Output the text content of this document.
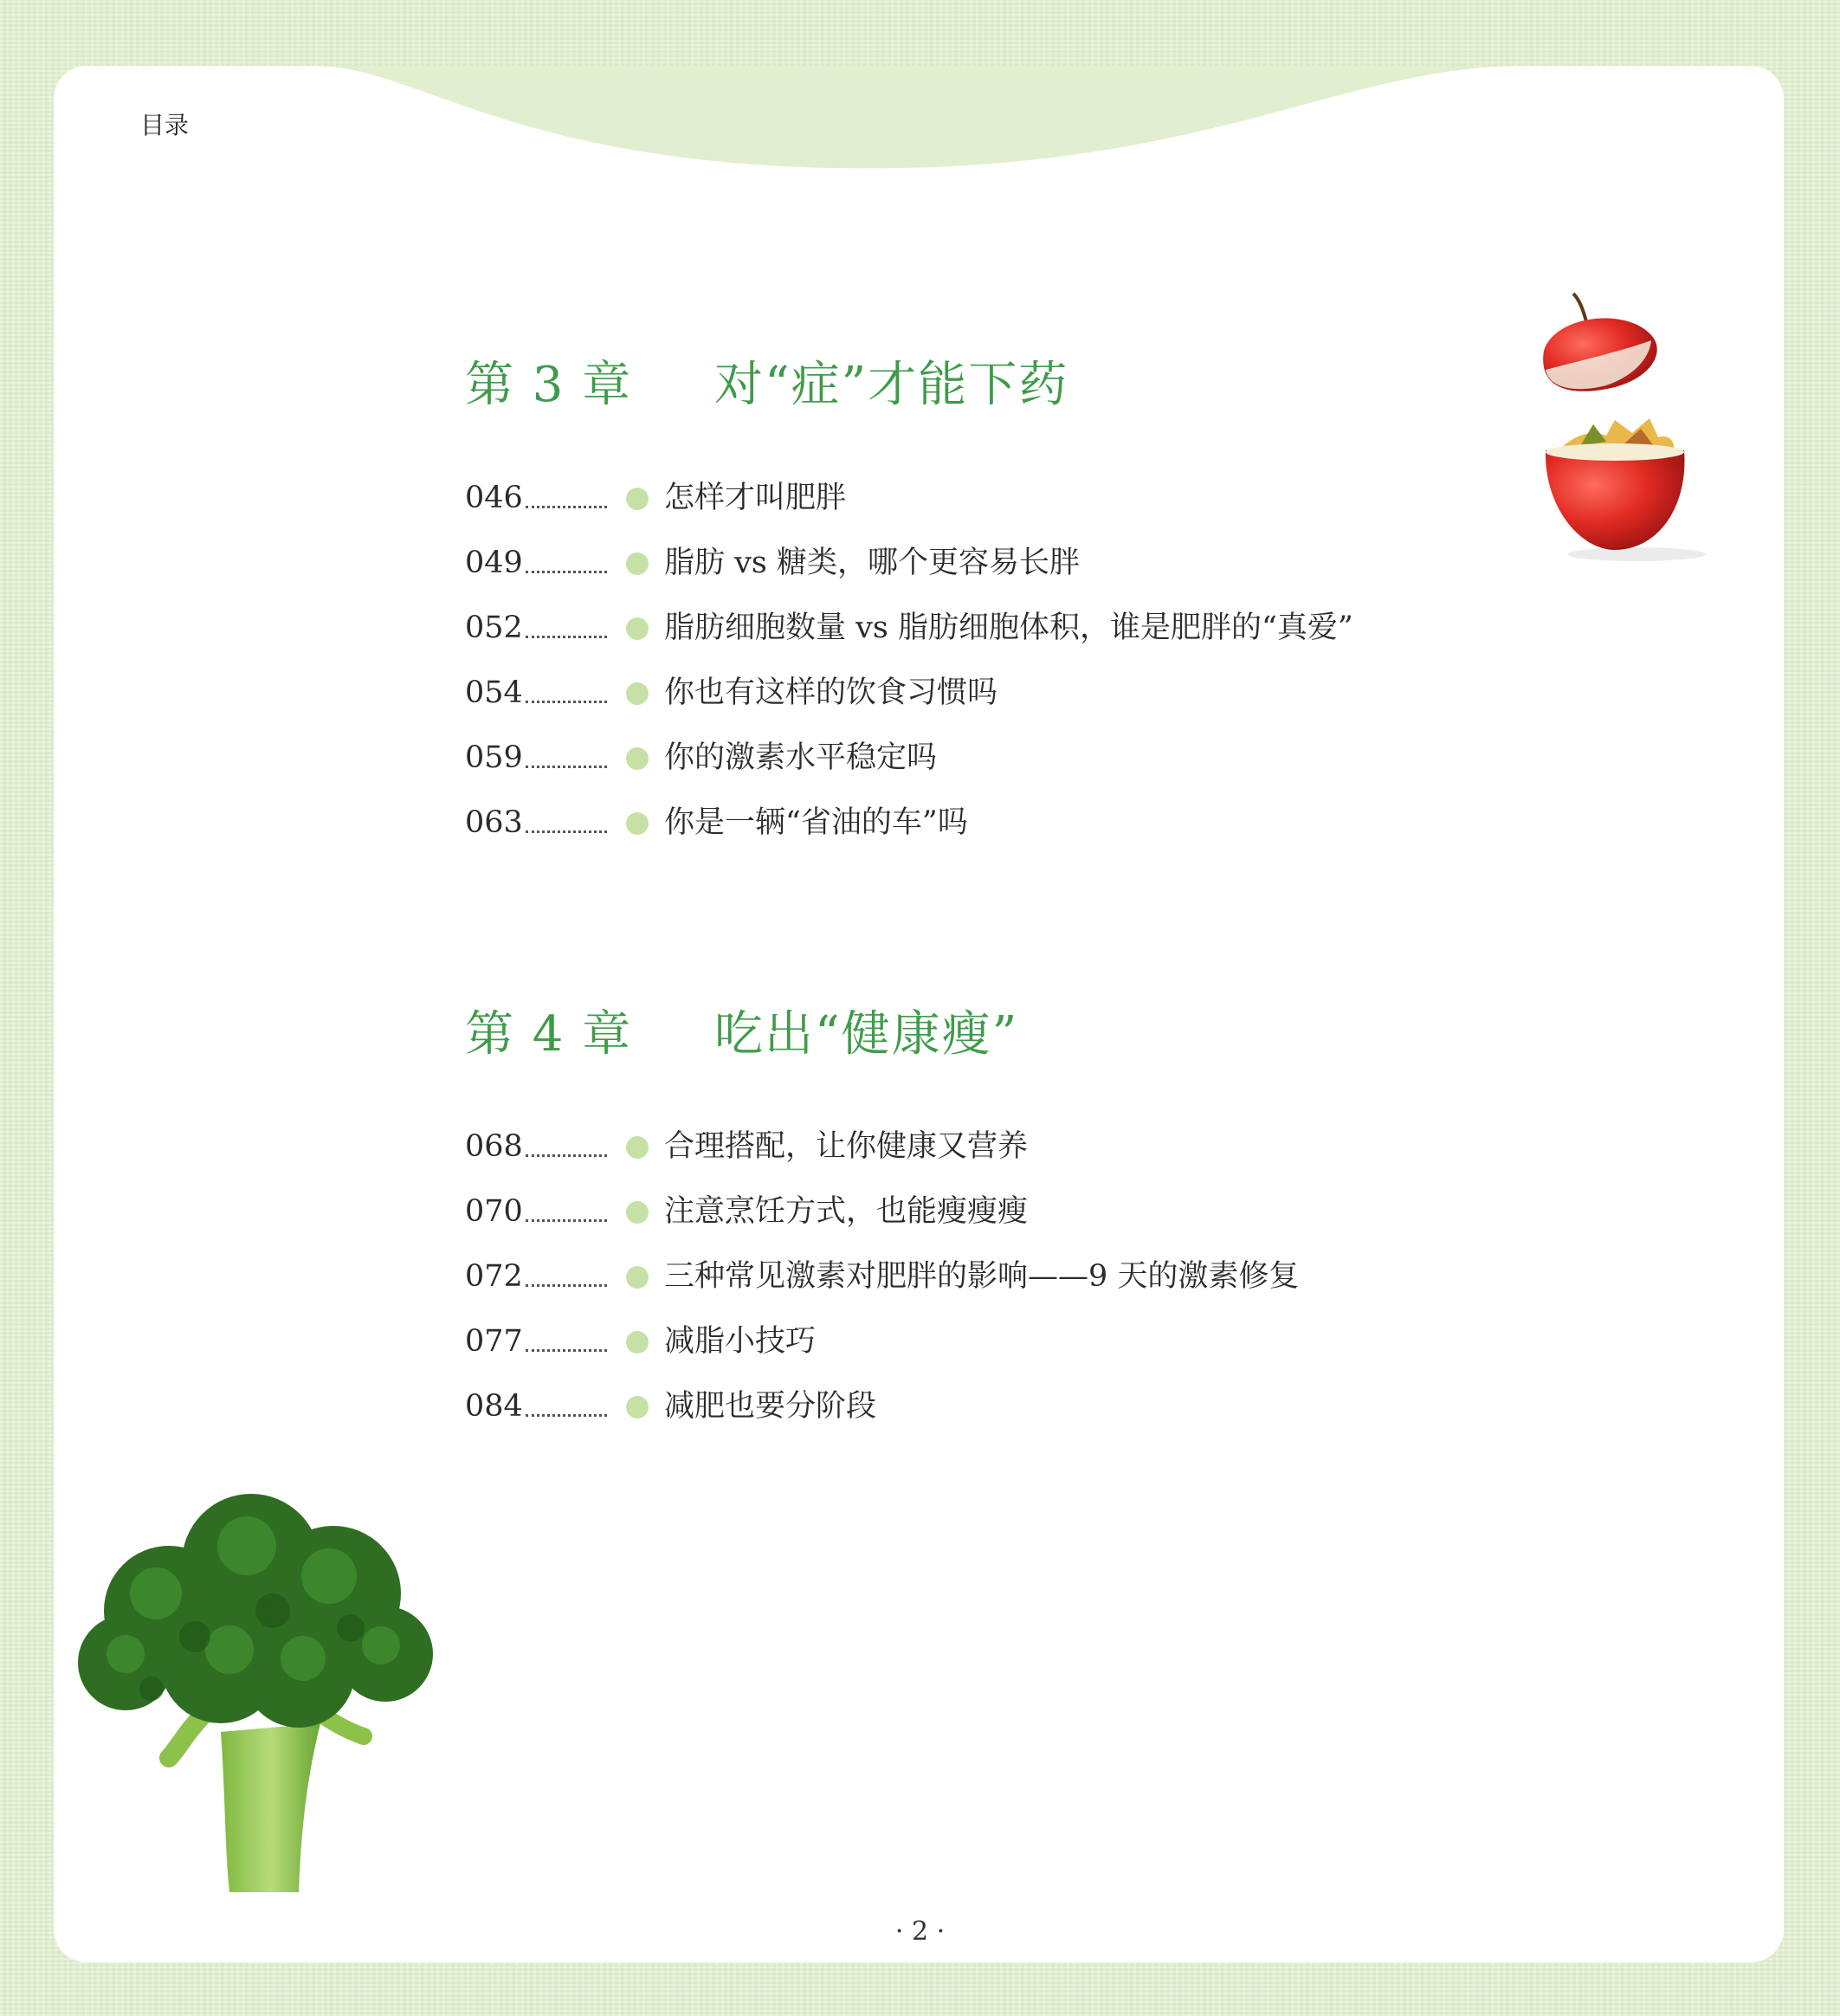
目录
第 3 章 对“症”才能下药
046	怎样才叫肥胖
049	脂肪 vs 糖类，哪个更容易长胖
052	脂肪细胞数量 vs 脂肪细胞体积，谁是肥胖的“真爱”
054	你也有这样的饮食习惯吗
059	你的激素水平稳定吗
063	你是一辆“省油的车”吗
第 4 章 吃出“健康瘦”
068	合理搭配，让你健康又营养
070	注意烹饪方式，也能瘦瘦瘦
072	三种常见激素对肥胖的影响——9 天的激素修复
077	减脂小技巧
084	减肥也要分阶段
· 2 ·
